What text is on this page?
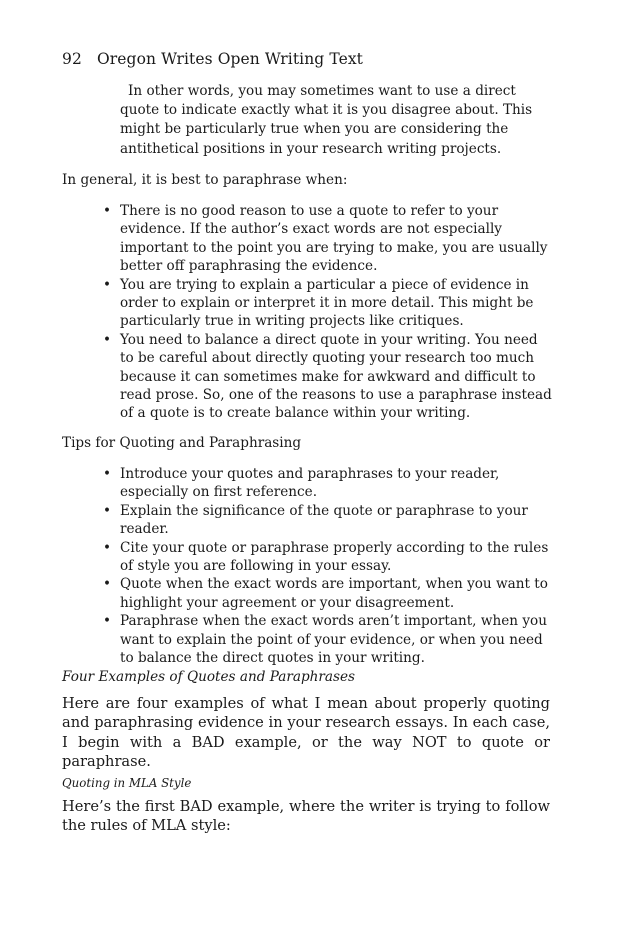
92 Oregon Writes Open Writing Text
In other words, you may sometimes want to use a direct quote to indicate exactly what it is you disagree about. This might be particularly true when you are considering the antithetical positions in your research writing projects.
In general, it is best to paraphrase when:
• There is no good reason to use a quote to refer to your evidence. If the author’s exact words are not especially important to the point you are trying to make, you are usually better off paraphrasing the evidence.
• You are trying to explain a particular a piece of evidence in order to explain or interpret it in more detail. This might be particularly true in writing projects like critiques.
• You need to balance a direct quote in your writing. You need to be careful about directly quoting your research too much because it can sometimes make for awkward and difficult to read prose. So, one of the reasons to use a paraphrase instead of a quote is to create balance within your writing.
Tips for Quoting and Paraphrasing
• Introduce your quotes and paraphrases to your reader, especially on first reference.
• Explain the significance of the quote or paraphrase to your reader.
• Cite your quote or paraphrase properly according to the rules of style you are following in your essay.
• Quote when the exact words are important, when you want to highlight your agreement or your disagreement.
• Paraphrase when the exact words aren’t important, when you want to explain the point of your evidence, or when you need to balance the direct quotes in your writing.
Four Examples of Quotes and Paraphrases
Here are four examples of what I mean about properly quoting and paraphrasing evidence in your research essays. In each case, I begin with a BAD example, or the way NOT to quote or paraphrase.
Quoting in MLA Style
Here’s the first BAD example, where the writer is trying to follow the rules of MLA style:
